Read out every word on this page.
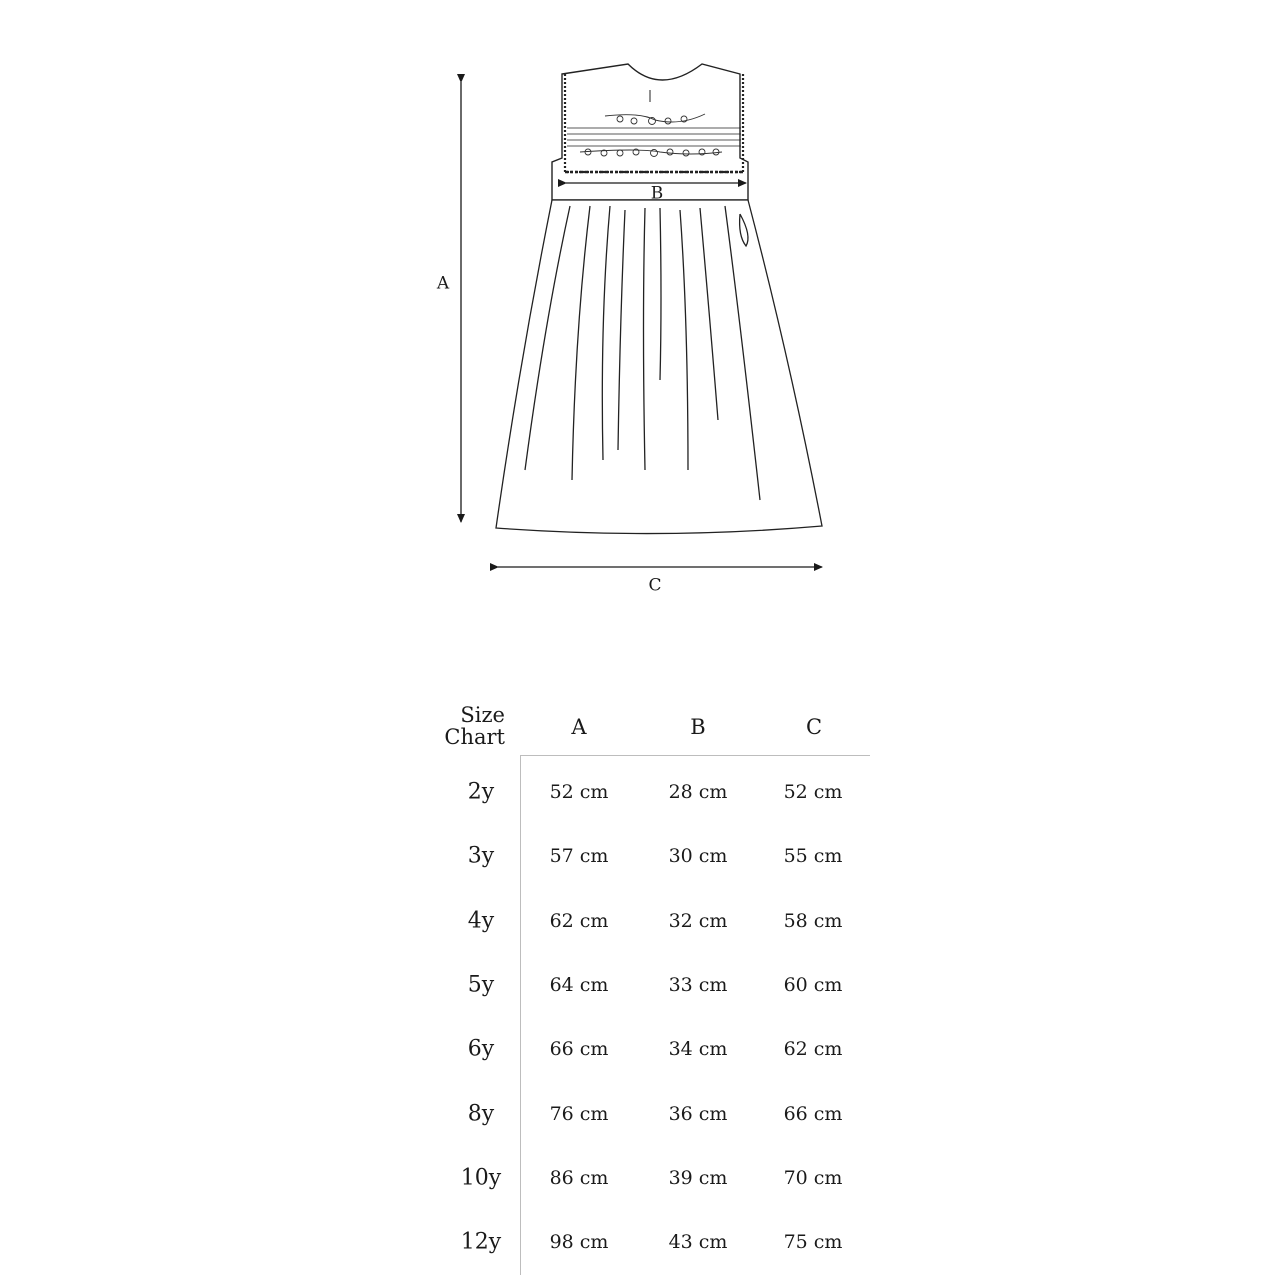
A
B
C
Size
Chart	A	B	C
2y	52 cm	28 cm	52 cm
3y	57 cm	30 cm	55 cm
4y	62 cm	32 cm	58 cm
5y	64 cm	33 cm	60 cm
6y	66 cm	34 cm	62 cm
8y	76 cm	36 cm	66 cm
10y	86 cm	39 cm	70 cm
12y	98 cm	43 cm	75 cm
